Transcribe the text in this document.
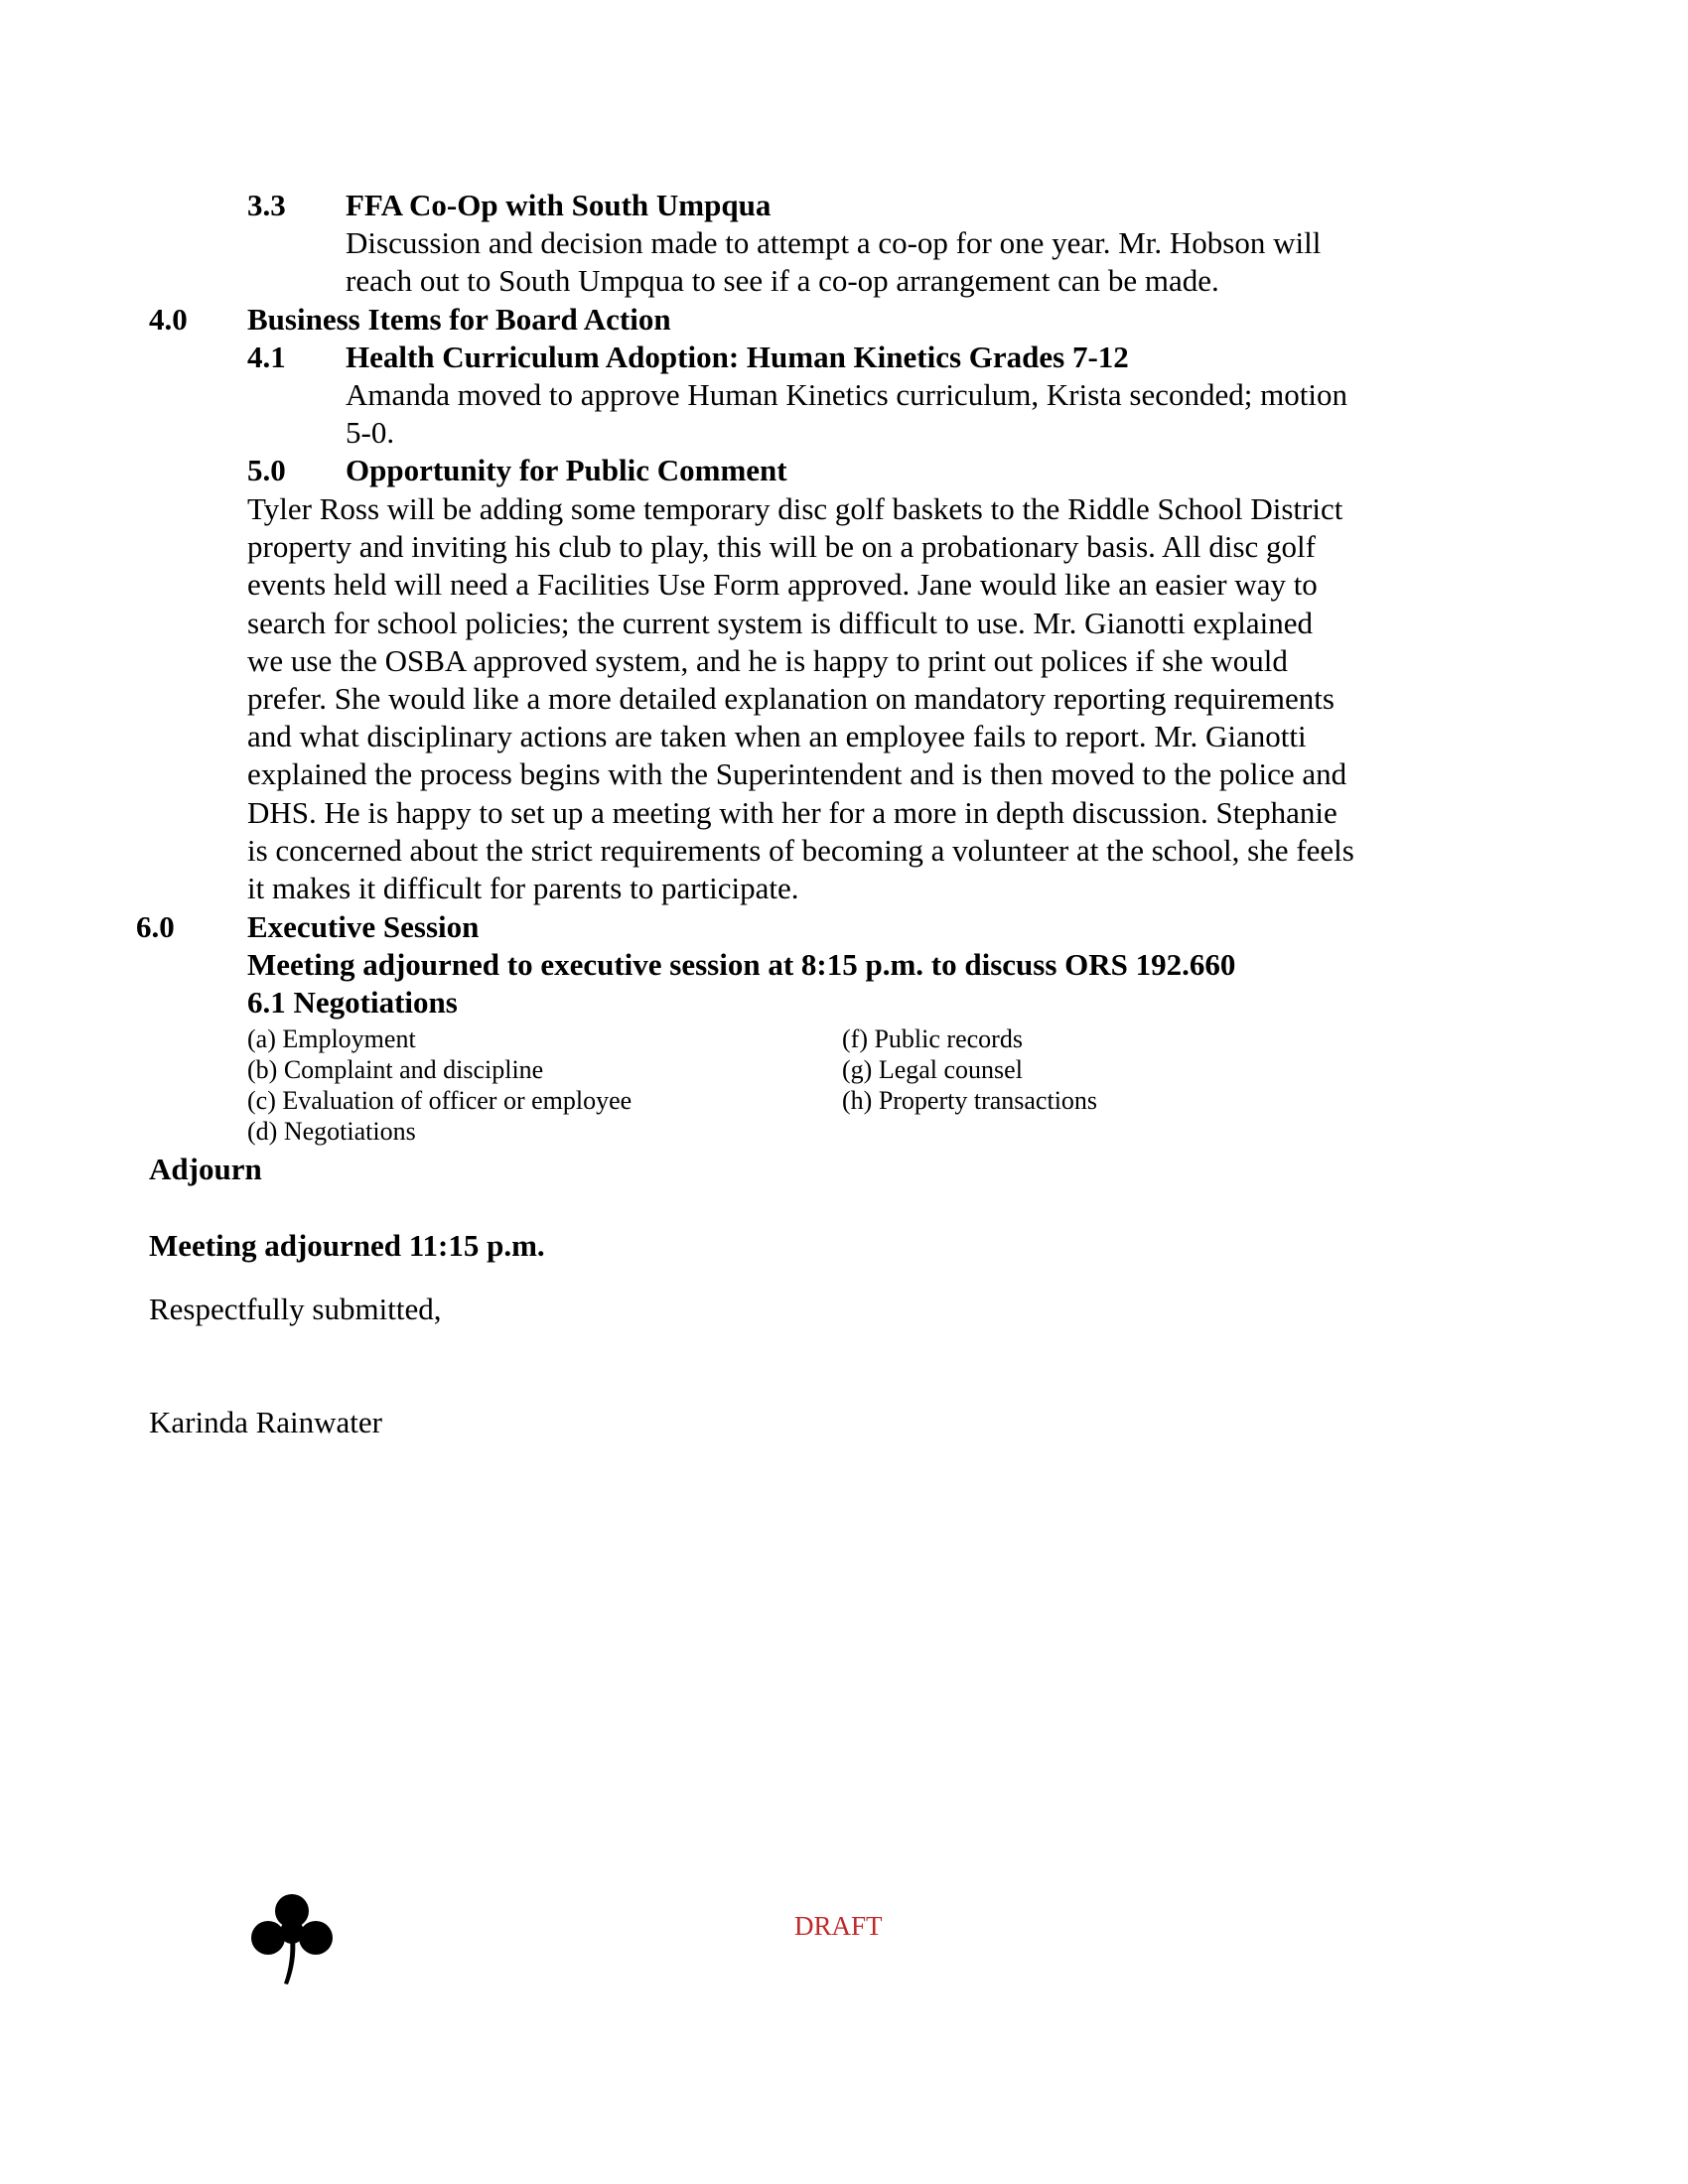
3.3 FFA Co-Op with South Umpqua
Discussion and decision made to attempt a co-op for one year. Mr. Hobson will
reach out to South Umpqua to see if a co-op arrangement can be made.
4.0 Business Items for Board Action
4.1 Health Curriculum Adoption: Human Kinetics Grades 7-12
Amanda moved to approve Human Kinetics curriculum, Krista seconded; motion
5-0.
5.0 Opportunity for Public Comment
Tyler Ross will be adding some temporary disc golf baskets to the Riddle School District
property and inviting his club to play, this will be on a probationary basis. All disc golf
events held will need a Facilities Use Form approved. Jane would like an easier way to
search for school policies; the current system is difficult to use. Mr. Gianotti explained
we use the OSBA approved system, and he is happy to print out polices if she would
prefer. She would like a more detailed explanation on mandatory reporting requirements
and what disciplinary actions are taken when an employee fails to report. Mr. Gianotti
explained the process begins with the Superintendent and is then moved to the police and
DHS. He is happy to set up a meeting with her for a more in depth discussion. Stephanie
is concerned about the strict requirements of becoming a volunteer at the school, she feels
it makes it difficult for parents to participate.
6.0 Executive Session
Meeting adjourned to executive session at 8:15 p.m. to discuss ORS 192.660
6.1 Negotiations
(a) Employment
(b) Complaint and discipline
(c) Evaluation of officer or employee
(d) Negotiations
(f) Public records
(g) Legal counsel
(h) Property transactions
Adjourn
Meeting adjourned 11:15 p.m.
Respectfully submitted,
Karinda Rainwater
DRAFT
